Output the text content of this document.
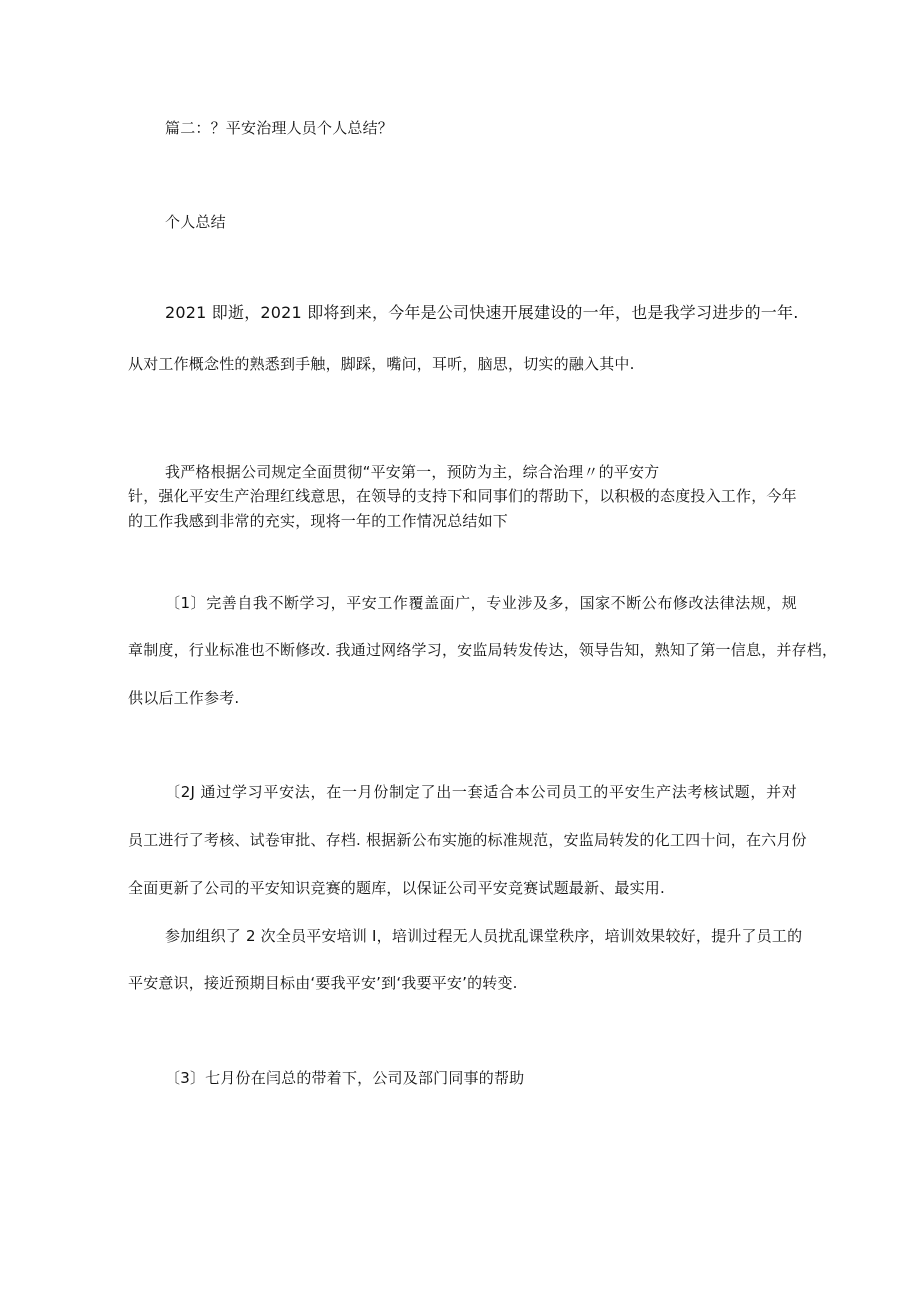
篇二：？平安治理人员个人总结？
个人总结
2021 即逝，2021 即将到来，今年是公司快速开展建设的一年，也是我学习进步的一年.
从对工作概念性的熟悉到手触，脚踩，嘴问，耳听，脑思，切实的融入其中.
我严格根据公司规定全面贯彻“平安第一，预防为主，综合治理〃的平安方
针，强化平安生产治理红线意思，在领导的支持下和同事们的帮助下，以积极的态度投入工作，今年
的工作我感到非常的充实，现将一年的工作情况总结如下
〔1〕完善自我不断学习，平安工作覆盖面广，专业涉及多，国家不断公布修改法律法规，规
章制度，行业标准也不断修改. 我通过网络学习，安监局转发传达，领导告知，熟知了第一信息，并存档，
供以后工作参考.
〔2J 通过学习平安法，在一月份制定了出一套适合本公司员工的平安生产法考核试题，并对
员工进行了考核、试卷审批、存档. 根据新公布实施的标准规范，安监局转发的化工四十问，在六月份
全面更新了公司的平安知识竞赛的题库，以保证公司平安竞赛试题最新、最实用.
参加组织了 2 次全员平安培训 I，培训过程无人员扰乱课堂秩序，培训效果较好，提升了员工的
平安意识，接近预期目标由‘要我平安’到‘我要平安’的转变.
〔3〕七月份在闫总的带着下，公司及部门同事的帮助
